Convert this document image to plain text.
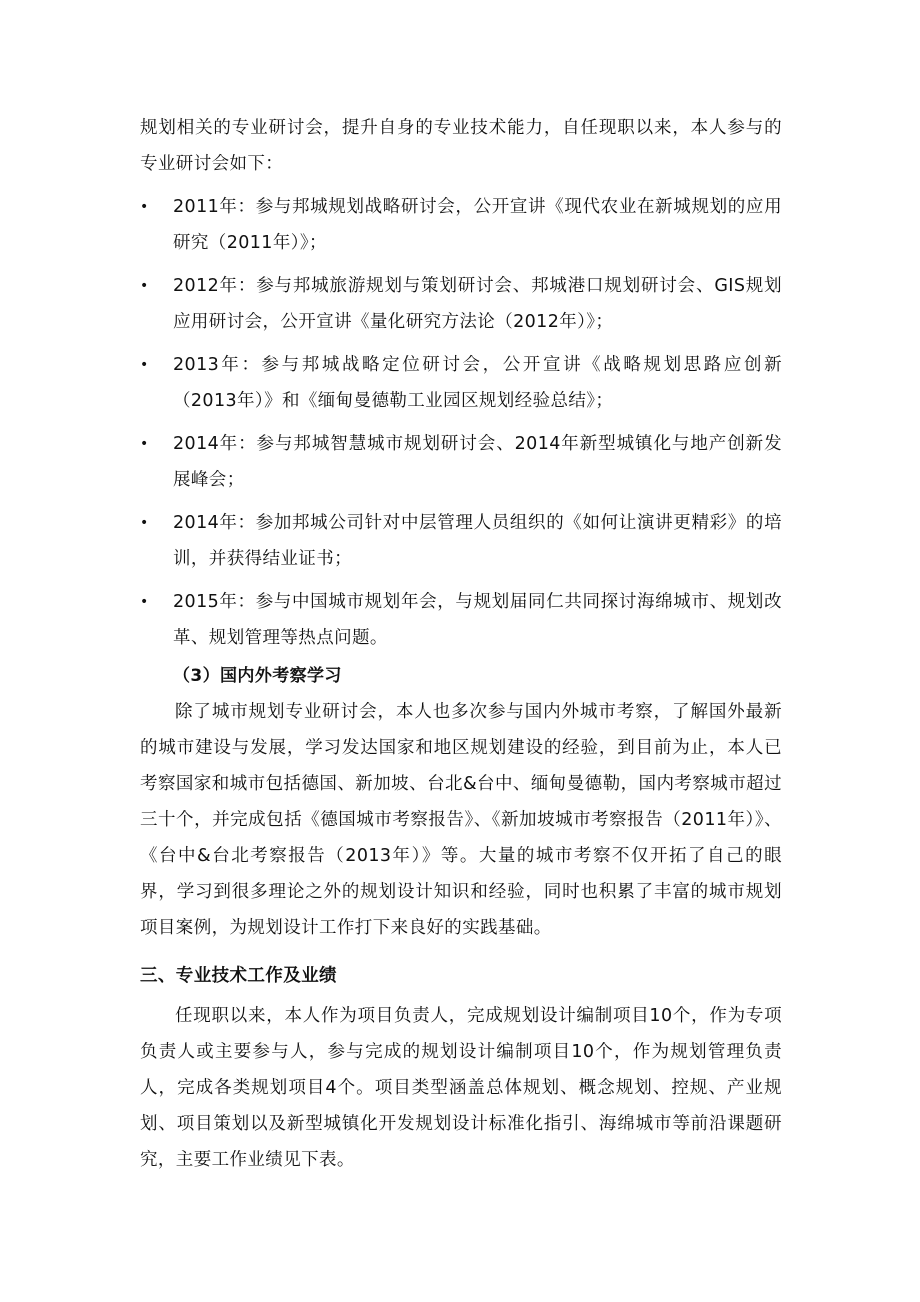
规划相关的专业研讨会，提升自身的专业技术能力，自任现职以来，本人参与的专业研讨会如下：

• 2011年：参与邦城规划战略研讨会，公开宣讲《现代农业在新城规划的应用研究（2011年）》；
• 2012年：参与邦城旅游规划与策划研讨会、邦城港口规划研讨会、GIS规划应用研讨会，公开宣讲《量化研究方法论（2012年）》；
• 2013年：参与邦城战略定位研讨会，公开宣讲《战略规划思路应创新（2013年）》和《缅甸曼德勒工业园区规划经验总结》；
• 2014年：参与邦城智慧城市规划研讨会、2014年新型城镇化与地产创新发展峰会；
• 2014年：参加邦城公司针对中层管理人员组织的《如何让演讲更精彩》的培训，并获得结业证书；
• 2015年：参与中国城市规划年会，与规划届同仁共同探讨海绵城市、规划改革、规划管理等热点问题。

（3）国内外考察学习

除了城市规划专业研讨会，本人也多次参与国内外城市考察，了解国外最新的城市建设与发展，学习发达国家和地区规划建设的经验，到目前为止，本人已考察国家和城市包括德国、新加坡、台北&台中、缅甸曼德勒，国内考察城市超过三十个，并完成包括《德国城市考察报告》、《新加坡城市考察报告（2011年）》、《台中&台北考察报告（2013年）》等。大量的城市考察不仅开拓了自己的眼界，学习到很多理论之外的规划设计知识和经验，同时也积累了丰富的城市规划项目案例，为规划设计工作打下来良好的实践基础。

三、专业技术工作及业绩

任现职以来，本人作为项目负责人，完成规划设计编制项目10个，作为专项负责人或主要参与人，参与完成的规划设计编制项目10个，作为规划管理负责人，完成各类规划项目4个。项目类型涵盖总体规划、概念规划、控规、产业规划、项目策划以及新型城镇化开发规划设计标准化指引、海绵城市等前沿课题研究，主要工作业绩见下表。
